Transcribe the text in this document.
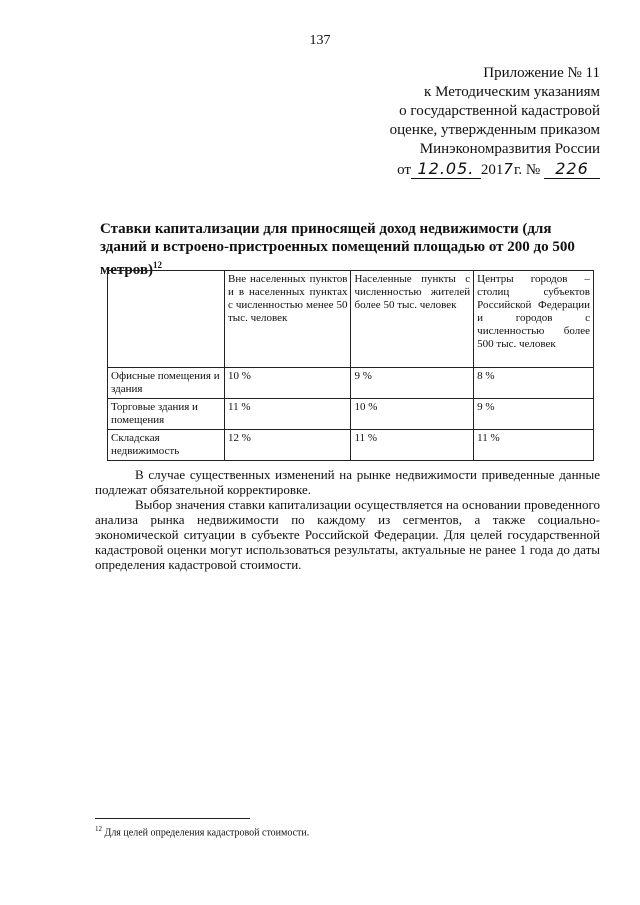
137
Приложение № 11
к Методическим указаниям
о государственной кадастровой
оценке, утвержденным приказом
Минэкономразвития России
от 12.05. 2017г. № 226
Ставки капитализации для приносящей доход недвижимости (для зданий и встроено-пристроенных помещений площадью от 200 до 500 метров)$^{12}$
	Вне населенных пунктов и в населенных пунктах с численностью менее 50 тыс. человек	Населенные пункты с численностью жителей более 50 тыс. человек	Центры городов – столиц субъектов Российской Федерации и городов с численностью более 500 тыс. человек
Офисные помещения и здания	10 %	9 %	8 %
Торговые здания и помещения	11 %	10 %	9 %
Складская недвижимость	12 %	11 %	11 %
В случае существенных изменений на рынке недвижимости приведенные данные подлежат обязательной корректировке.
Выбор значения ставки капитализации осуществляется на основании проведенного анализа рынка недвижимости по каждому из сегментов, а также социально-экономической ситуации в субъекте Российской Федерации. Для целей государственной кадастровой оценки могут использоваться результаты, актуальные не ранее 1 года до даты определения кадастровой стоимости.
$^{12}$ Для целей определения кадастровой стоимости.
